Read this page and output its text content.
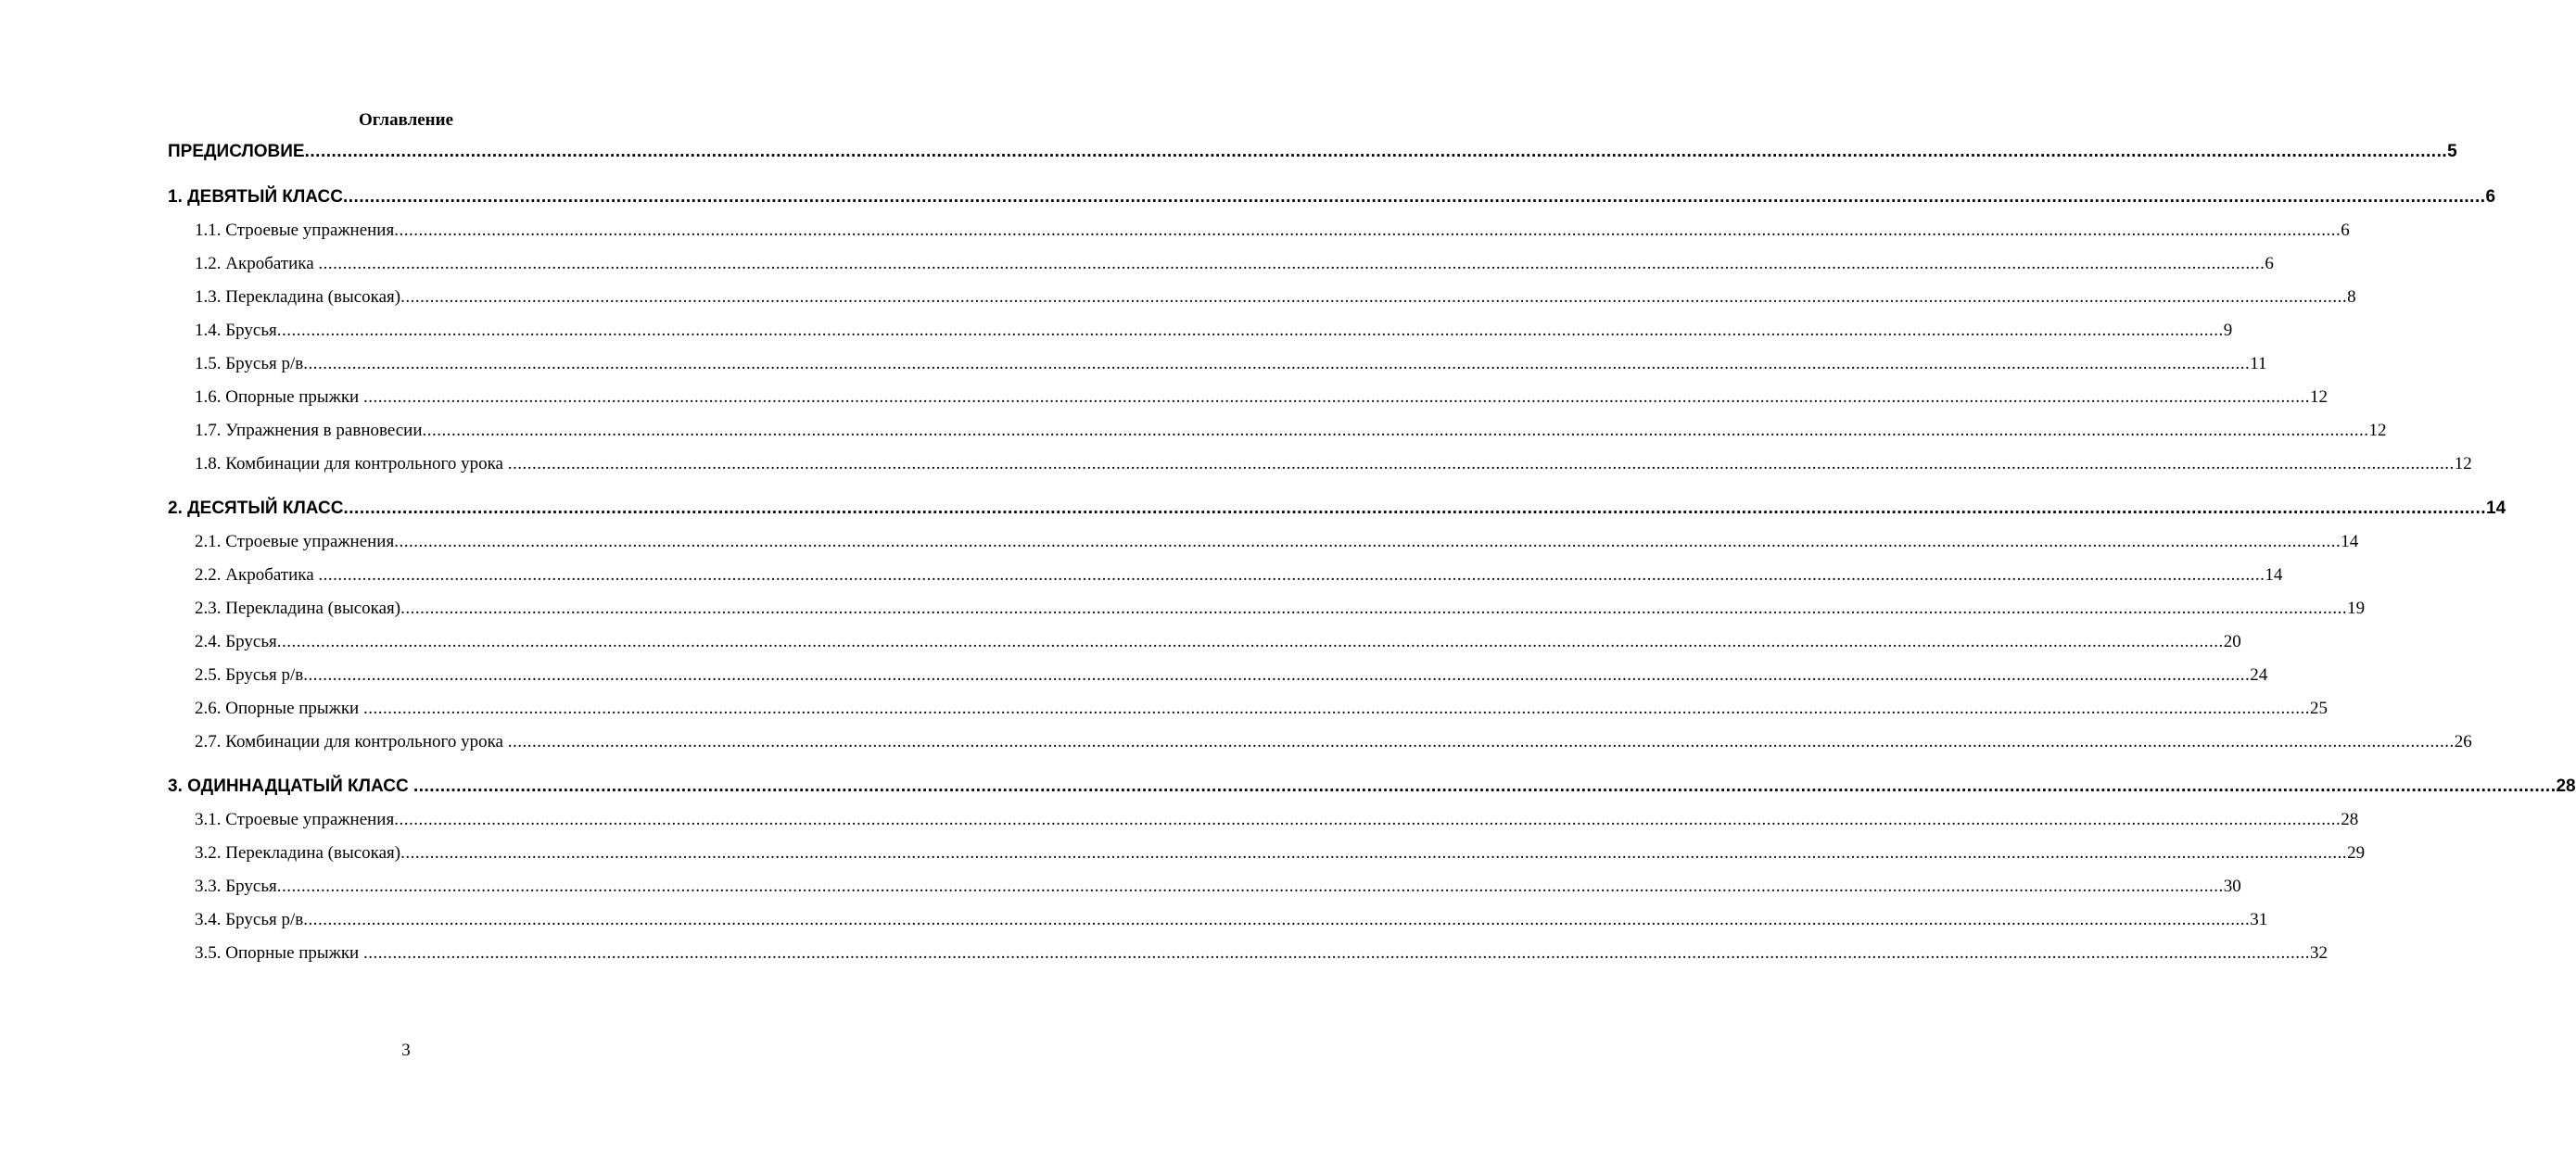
Оглавление
ПРЕДИСЛОВИЕ ................................................................................................................................................................................................................................................................................................................................................................................................................ 5
1. ДЕВЯТЫЙ КЛАСС ................................................................................................................................................................................................................................................................................................................................................................................................................ 6
1.1. Строевые упражнения ................................................................................................................................................................................................................................................................................................................................................................................................................ 6
1.2. Акробатика ................................................................................................................................................................................................................................................................................................................................................................................................................ 6
1.3. Перекладина (высокая) ................................................................................................................................................................................................................................................................................................................................................................................................................ 8
1.4. Брусья ................................................................................................................................................................................................................................................................................................................................................................................................................ 9
1.5. Брусья р/в ................................................................................................................................................................................................................................................................................................................................................................................................................ 11
1.6. Опорные прыжки ................................................................................................................................................................................................................................................................................................................................................................................................................ 12
1.7. Упражнения в равновесии ................................................................................................................................................................................................................................................................................................................................................................................................................ 12
1.8. Комбинации для контрольного урока ................................................................................................................................................................................................................................................................................................................................................................................................................ 12
2. ДЕСЯТЫЙ КЛАСС ................................................................................................................................................................................................................................................................................................................................................................................................................ 14
2.1. Строевые упражнения ................................................................................................................................................................................................................................................................................................................................................................................................................ 14
2.2. Акробатика ................................................................................................................................................................................................................................................................................................................................................................................................................ 14
2.3. Перекладина (высокая) ................................................................................................................................................................................................................................................................................................................................................................................................................ 19
2.4. Брусья ................................................................................................................................................................................................................................................................................................................................................................................................................ 20
2.5. Брусья р/в ................................................................................................................................................................................................................................................................................................................................................................................................................ 24
2.6. Опорные прыжки ................................................................................................................................................................................................................................................................................................................................................................................................................ 25
2.7. Комбинации для контрольного урока ................................................................................................................................................................................................................................................................................................................................................................................................................ 26
3. ОДИННАДЦАТЫЙ КЛАСС ................................................................................................................................................................................................................................................................................................................................................................................................................ 28
3.1. Строевые упражнения ................................................................................................................................................................................................................................................................................................................................................................................................................ 28
3.2. Перекладина (высокая) ................................................................................................................................................................................................................................................................................................................................................................................................................ 29
3.3. Брусья ................................................................................................................................................................................................................................................................................................................................................................................................................ 30
3.4. Брусья р/в ................................................................................................................................................................................................................................................................................................................................................................................................................ 31
3.5. Опорные прыжки ................................................................................................................................................................................................................................................................................................................................................................................................................ 32
3
